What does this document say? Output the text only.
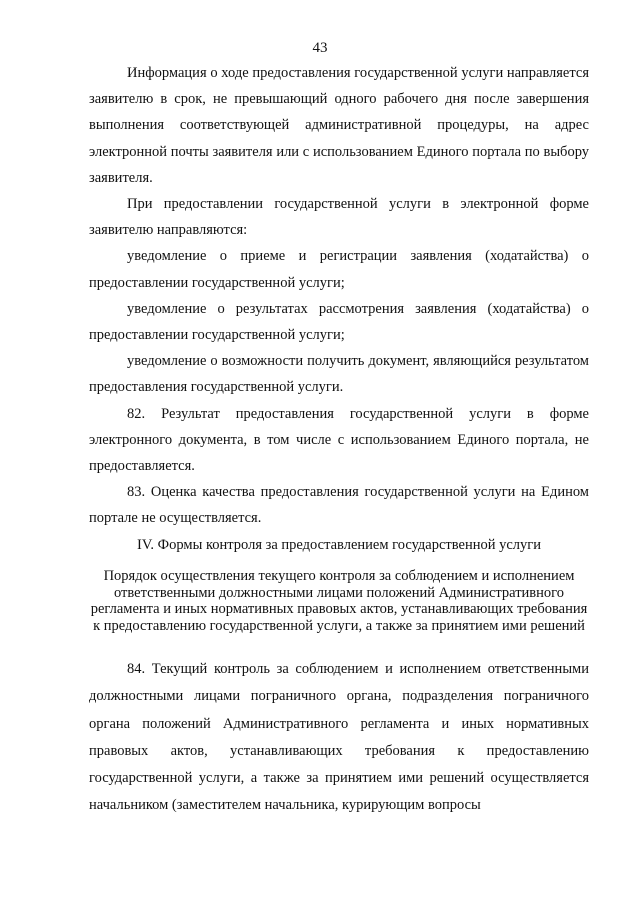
43

Информация о ходе предоставления государственной услуги направляется заявителю в срок, не превышающий одного рабочего дня после завершения выполнения соответствующей административной процедуры, на адрес электронной почты заявителя или с использованием Единого портала по выбору заявителя.

При предоставлении государственной услуги в электронной форме заявителю направляются:

уведомление о приеме и регистрации заявления (ходатайства) о предоставлении государственной услуги;

уведомление о результатах рассмотрения заявления (ходатайства) о предоставлении государственной услуги;

уведомление о возможности получить документ, являющийся результатом предоставления государственной услуги.

82. Результат предоставления государственной услуги в форме электронного документа, в том числе с использованием Единого портала, не предоставляется.

83. Оценка качества предоставления государственной услуги на Едином портале не осуществляется.

IV. Формы контроля за предоставлением государственной услуги

Порядок осуществления текущего контроля за соблюдением и исполнением ответственными должностными лицами положений Административного регламента и иных нормативных правовых актов, устанавливающих требования к предоставлению государственной услуги, а также за принятием ими решений

84. Текущий контроль за соблюдением и исполнением ответственными должностными лицами пограничного органа, подразделения пограничного органа положений Административного регламента и иных нормативных правовых актов, устанавливающих требования к предоставлению государственной услуги, а также за принятием ими решений осуществляется начальником (заместителем начальника, курирующим вопросы
